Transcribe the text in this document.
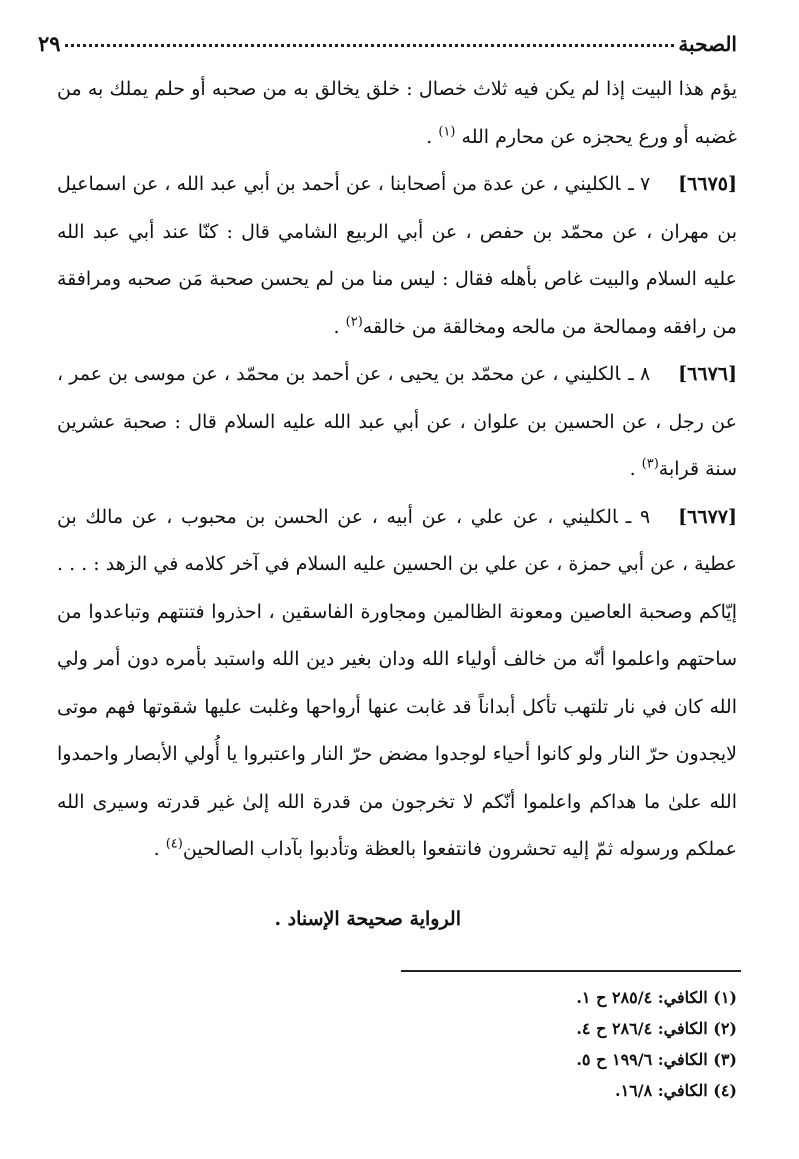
الصحبة
٢٩

يؤم هذا البيت إذا لم يكن فيه ثلاث خصال : خلق يخالق به من صحبه أو حلم يملك به من غضبه أو ورع يحجزه عن محارم الله $^{(١)}$ .

[٦٦٧٥]٧ ـالكليني ، عن عدة من أصحابنا ، عن أحمد بن أبي عبد الله ، عن اسماعيل بن مهران ، عن محمّد بن حفص ، عن أبي الربيع الشامي قال : كنّا عند أبي عبد الله عليه السلام والبيت غاص بأهله فقال : ليس منا من لم يحسن صحبة مَن صحبه ومرافقة من رافقه وممالحة من مالحه ومخالقة من خالقه$^{(٢)}$ .

[٦٦٧٦]٨ ـالكليني ، عن محمّد بن يحيى ، عن أحمد بن محمّد ، عن موسى بن عمر ، عن رجل ، عن الحسين بن علوان ، عن أبي عبد الله عليه السلام قال : صحبة عشرين سنة قرابة$^{(٣)}$ .

[٦٦٧٧]٩ ـالكليني ، عن علي ، عن أبيه ، عن الحسن بن محبوب ، عن مالك بن عطية ، عن أبي حمزة ، عن علي بن الحسين عليه السلام في آخر كلامه في الزهد : . . . إيّاكم وصحبة العاصين ومعونة الظالمين ومجاورة الفاسقين ، احذروا فتنتهم وتباعدوا من ساحتهم واعلموا أنّه من خالف أولياء الله ودان بغير دين الله واستبد بأمره دون أمر ولي الله كان في نار تلتهب تأكل أبداناً قد غابت عنها أرواحها وغلبت عليها شقوتها فهم موتى لايجدون حرّ النار ولو كانوا أحياء لوجدوا مضض حرّ النار واعتبروا يا أُولي الأبصار واحمدوا الله علىٰ ما هداكم واعلموا أنّكم لا تخرجون من قدرة الله إلىٰ غير قدرته وسيرى الله عملكم ورسوله ثمّ إليه تحشرون فانتفعوا بالعظة وتأدبوا بآداب الصالحين$^{(٤)}$ .

الرواية صحيحة الإسناد .
(١) الكافي: ٢٨٥/٤ ح ١.
(٢) الكافي: ٢٨٦/٤ ح ٤.
(٣) الكافي: ١٩٩/٦ ح ٥.
(٤) الكافي: ١٦/٨.
